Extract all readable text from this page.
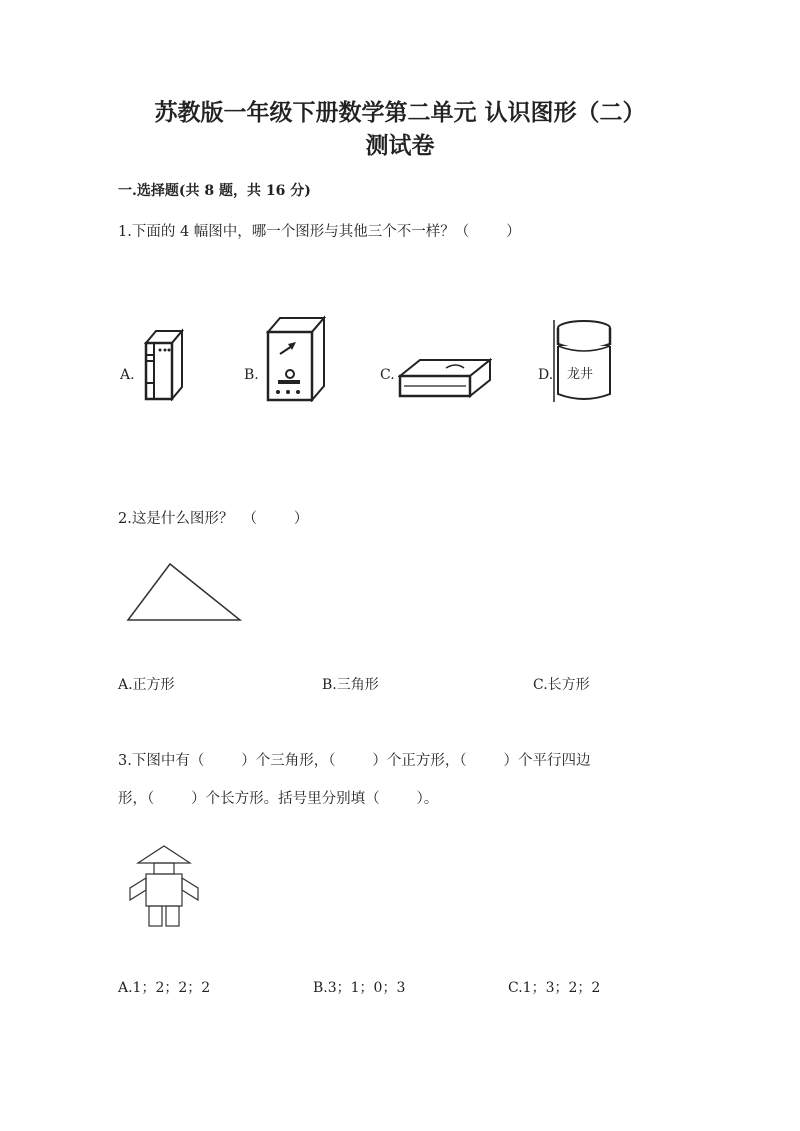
苏教版一年级下册数学第二单元 认识图形（二）
测试卷
一.选择题(共 8 题，共 16 分)
1.下面的 4 幅图中，哪一个图形与其他三个不一样？（        ）
A.	B.	C.	D. 龙井
2.这是什么图形？  （        ）
A.正方形	B.三角形	C.长方形
3.下图中有（        ）个三角形，（        ）个正方形，（        ）个平行四边
形，（        ）个长方形。括号里分别填（        ）。
A.1；2；2；2	B.3；1；0；3	C.1；3；2；2
